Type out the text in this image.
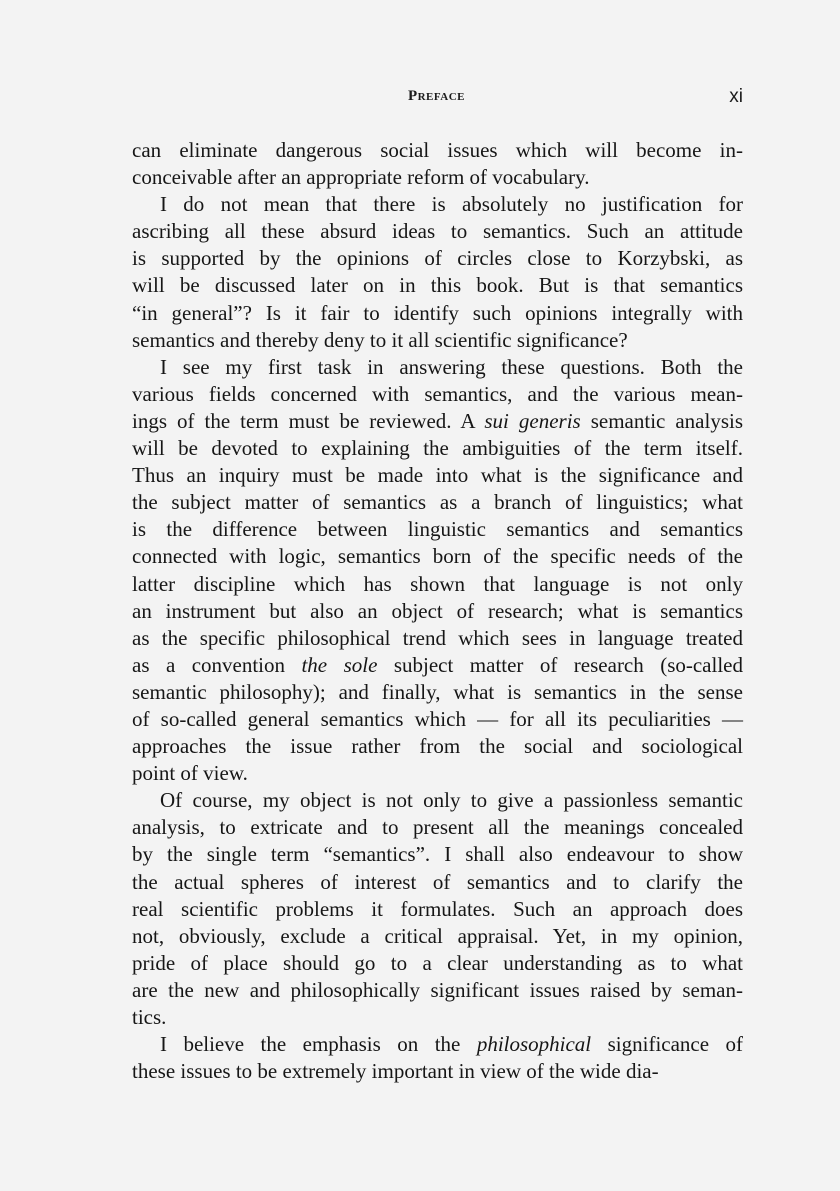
Preface	xi
can eliminate dangerous social issues which will become in-
conceivable after an appropriate reform of vocabulary.
I do not mean that there is absolutely no justification for
ascribing all these absurd ideas to semantics. Such an attitude
is supported by the opinions of circles close to Korzybski, as
will be discussed later on in this book. But is that semantics
“in general”? Is it fair to identify such opinions integrally with
semantics and thereby deny to it all scientific significance?
I see my first task in answering these questions. Both the
various fields concerned with semantics, and the various mean-
ings of the term must be reviewed. A sui generis semantic analysis
will be devoted to explaining the ambiguities of the term itself.
Thus an inquiry must be made into what is the significance and
the subject matter of semantics as a branch of linguistics; what
is the difference between linguistic semantics and semantics
connected with logic, semantics born of the specific needs of the
latter discipline which has shown that language is not only
an instrument but also an object of research; what is semantics
as the specific philosophical trend which sees in language treated
as a convention the sole subject matter of research (so-called
semantic philosophy); and finally, what is semantics in the sense
of so-called general semantics which — for all its peculiarities —
approaches the issue rather from the social and sociological
point of view.
Of course, my object is not only to give a passionless semantic
analysis, to extricate and to present all the meanings concealed
by the single term “semantics”. I shall also endeavour to show
the actual spheres of interest of semantics and to clarify the
real scientific problems it formulates. Such an approach does
not, obviously, exclude a critical appraisal. Yet, in my opinion,
pride of place should go to a clear understanding as to what
are the new and philosophically significant issues raised by seman-
tics.
I believe the emphasis on the philosophical significance of
these issues to be extremely important in view of the wide dia-
